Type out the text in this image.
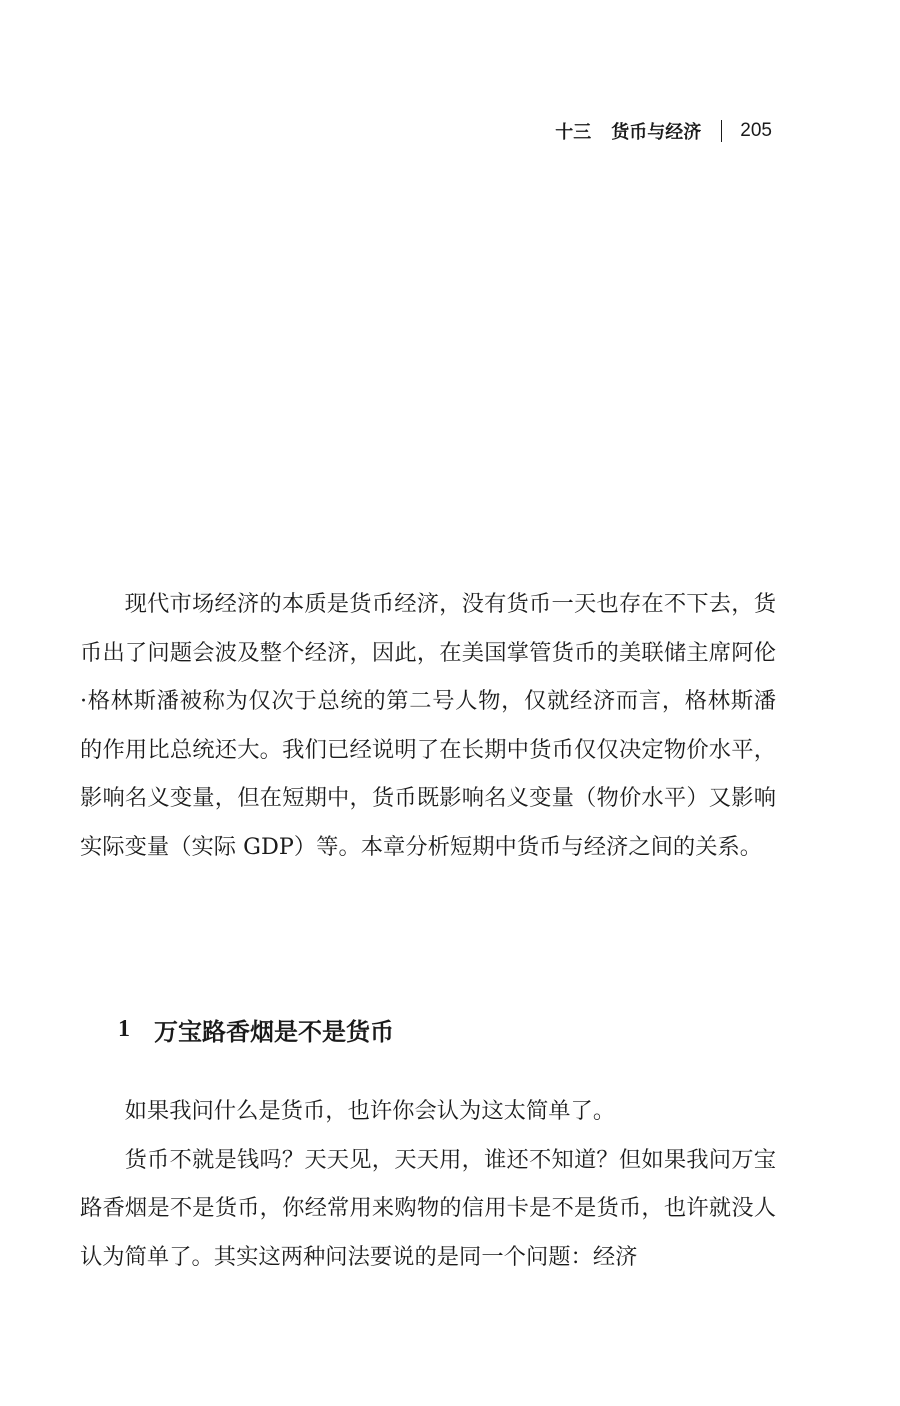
十三 货币与经济 205

现代市场经济的本质是货币经济，没有货币一天也存在不下去，货币出了问题会波及整个经济，因此，在美国掌管货币的美联储主席阿伦·格林斯潘被称为仅次于总统的第二号人物，仅就经济而言，格林斯潘的作用比总统还大。我们已经说明了在长期中货币仅仅决定物价水平，影响名义变量，但在短期中，货币既影响名义变量（物价水平）又影响实际变量（实际 GDP）等。本章分析短期中货币与经济之间的关系。

1 万宝路香烟是不是货币

如果我问什么是货币，也许你会认为这太简单了。

货币不就是钱吗？天天见，天天用，谁还不知道？但如果我问万宝路香烟是不是货币，你经常用来购物的信用卡是不是货币，也许就没人认为简单了。其实这两种问法要说的是同一个问题：经济
